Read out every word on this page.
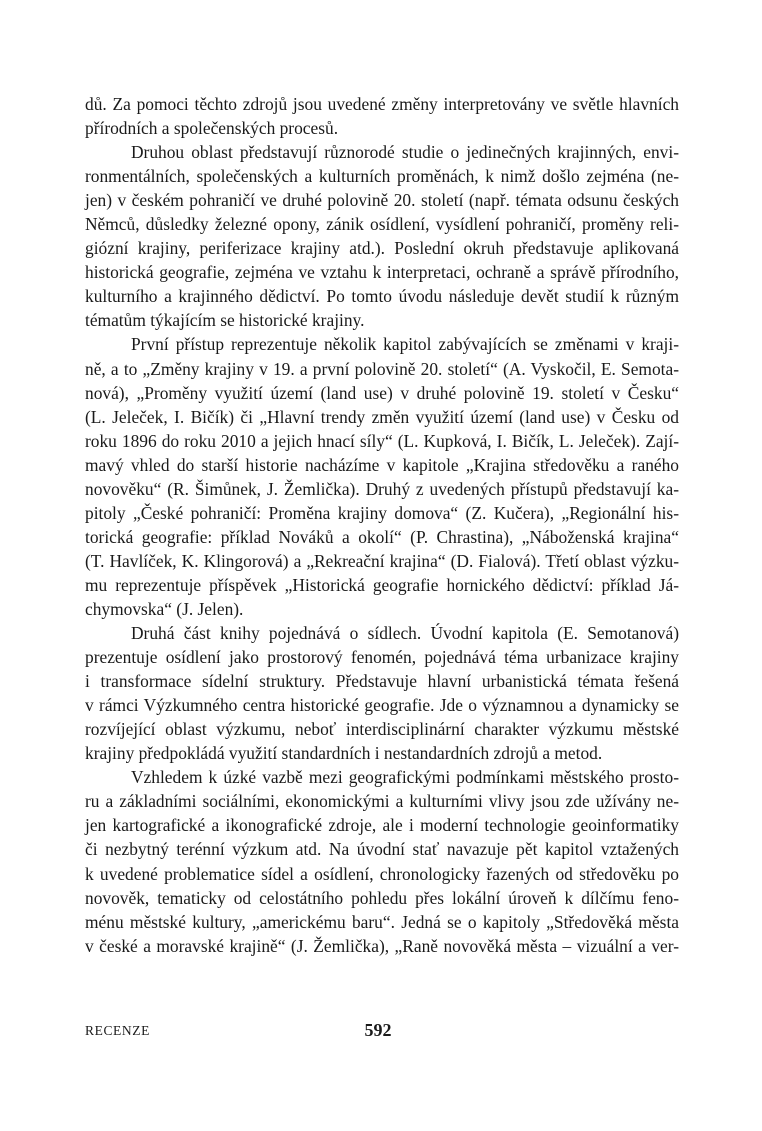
dů. Za pomoci těchto zdrojů jsou uvedené změny interpretovány ve světle hlavních
přírodních a společenských procesů.
Druhou oblast představují různorodé studie o jedinečných krajinných, envi-
ronmentálních, společenských a kulturních proměnách, k nimž došlo zejména (ne-
jen) v českém pohraničí ve druhé polovině 20. století (např. témata odsunu českých
Němců, důsledky železné opony, zánik osídlení, vysídlení pohraničí, proměny reli-
giózní krajiny, periferizace krajiny atd.). Poslední okruh představuje aplikovaná
historická geografie, zejména ve vztahu k interpretaci, ochraně a správě přírodního,
kulturního a krajinného dědictví. Po tomto úvodu následuje devět studií k různým
tématům týkajícím se historické krajiny.
První přístup reprezentuje několik kapitol zabývajících se změnami v kraji-
ně, a to „Změny krajiny v 19. a první polovině 20. století“ (A. Vyskočil, E. Semota-
nová), „Proměny využití území (land use) v druhé polovině 19. století v Česku“
(L. Jeleček, I. Bičík) či „Hlavní trendy změn využití území (land use) v Česku od
roku 1896 do roku 2010 a jejich hnací síly“ (L. Kupková, I. Bičík, L. Jeleček). Zají-
mavý vhled do starší historie nacházíme v kapitole „Krajina středověku a raného
novověku“ (R. Šimůnek, J. Žemlička). Druhý z uvedených přístupů představují ka-
pitoly „České pohraničí: Proměna krajiny domova“ (Z. Kučera), „Regionální his-
torická geografie: příklad Nováků a okolí“ (P. Chrastina), „Náboženská krajina“
(T. Havlíček, K. Klingorová) a „Rekreační krajina“ (D. Fialová). Třetí oblast výzku-
mu reprezentuje příspěvek „Historická geografie hornického dědictví: příklad Já-
chymovska“ (J. Jelen).
Druhá část knihy pojednává o sídlech. Úvodní kapitola (E. Semotanová)
prezentuje osídlení jako prostorový fenomén, pojednává téma urbanizace krajiny
i transformace sídelní struktury. Představuje hlavní urbanistická témata řešená
v rámci Výzkumného centra historické geografie. Jde o významnou a dynamicky se
rozvíjející oblast výzkumu, neboť interdisciplinární charakter výzkumu městské
krajiny předpokládá využití standardních i nestandardních zdrojů a metod.
Vzhledem k úzké vazbě mezi geografickými podmínkami městského prosto-
ru a základními sociálními, ekonomickými a kulturními vlivy jsou zde užívány ne-
jen kartografické a ikonografické zdroje, ale i moderní technologie geoinformatiky
či nezbytný terénní výzkum atd. Na úvodní stať navazuje pět kapitol vztažených
k uvedené problematice sídel a osídlení, chronologicky řazených od středověku po
novověk, tematicky od celostátního pohledu přes lokální úroveň k dílčímu feno-
ménu městské kultury, „americkému baru“. Jedná se o kapitoly „Středověká města
v české a moravské krajině“ (J. Žemlička), „Raně novověká města – vizuální a ver-
RECENZE	592
